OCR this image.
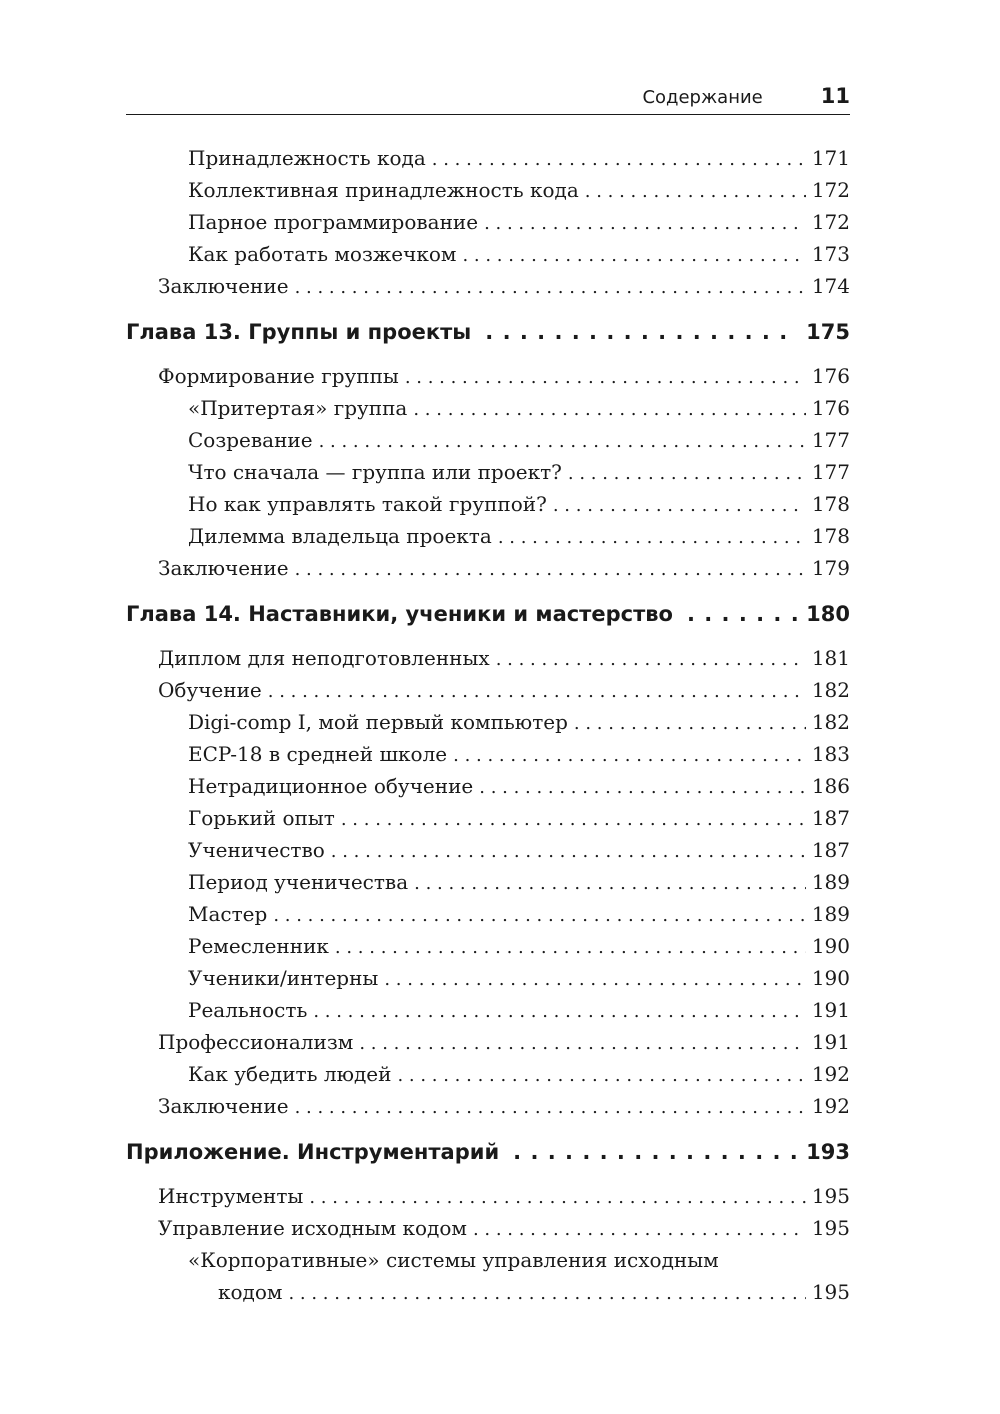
Содержание	11
Принадлежность кода . . .	171
Коллективная принадлежность кода . . .	172
Парное программирование . . .	172
Как работать мозжечком . . .	173
Заключение . . .	174
Глава 13. Группы и проекты . . .	175
Формирование группы . . .	176
«Притертая» группа . . .	176
Созревание . . .	177
Что сначала — группа или проект? . . .	177
Но как управлять такой группой? . . .	178
Дилемма владельца проекта . . .	178
Заключение . . .	179
Глава 14. Наставники, ученики и мастерство . . .	180
Диплом для неподготовленных . . .	181
Обучение . . .	182
Digi-comp I, мой первый компьютер . . .	182
ECP-18 в средней школе . . .	183
Нетрадиционное обучение . . .	186
Горький опыт . . .	187
Ученичество . . .	187
Период ученичества . . .	189
Мастер . . .	189
Ремесленник . . .	190
Ученики/интерны . . .	190
Реальность . . .	191
Профессионализм . . .	191
Как убедить людей . . .	192
Заключение . . .	192
Приложение. Инструментарий . . .	193
Инструменты . . .	195
Управление исходным кодом . . .	195
«Корпоративные» системы управления исходным
кодом . . .	195
